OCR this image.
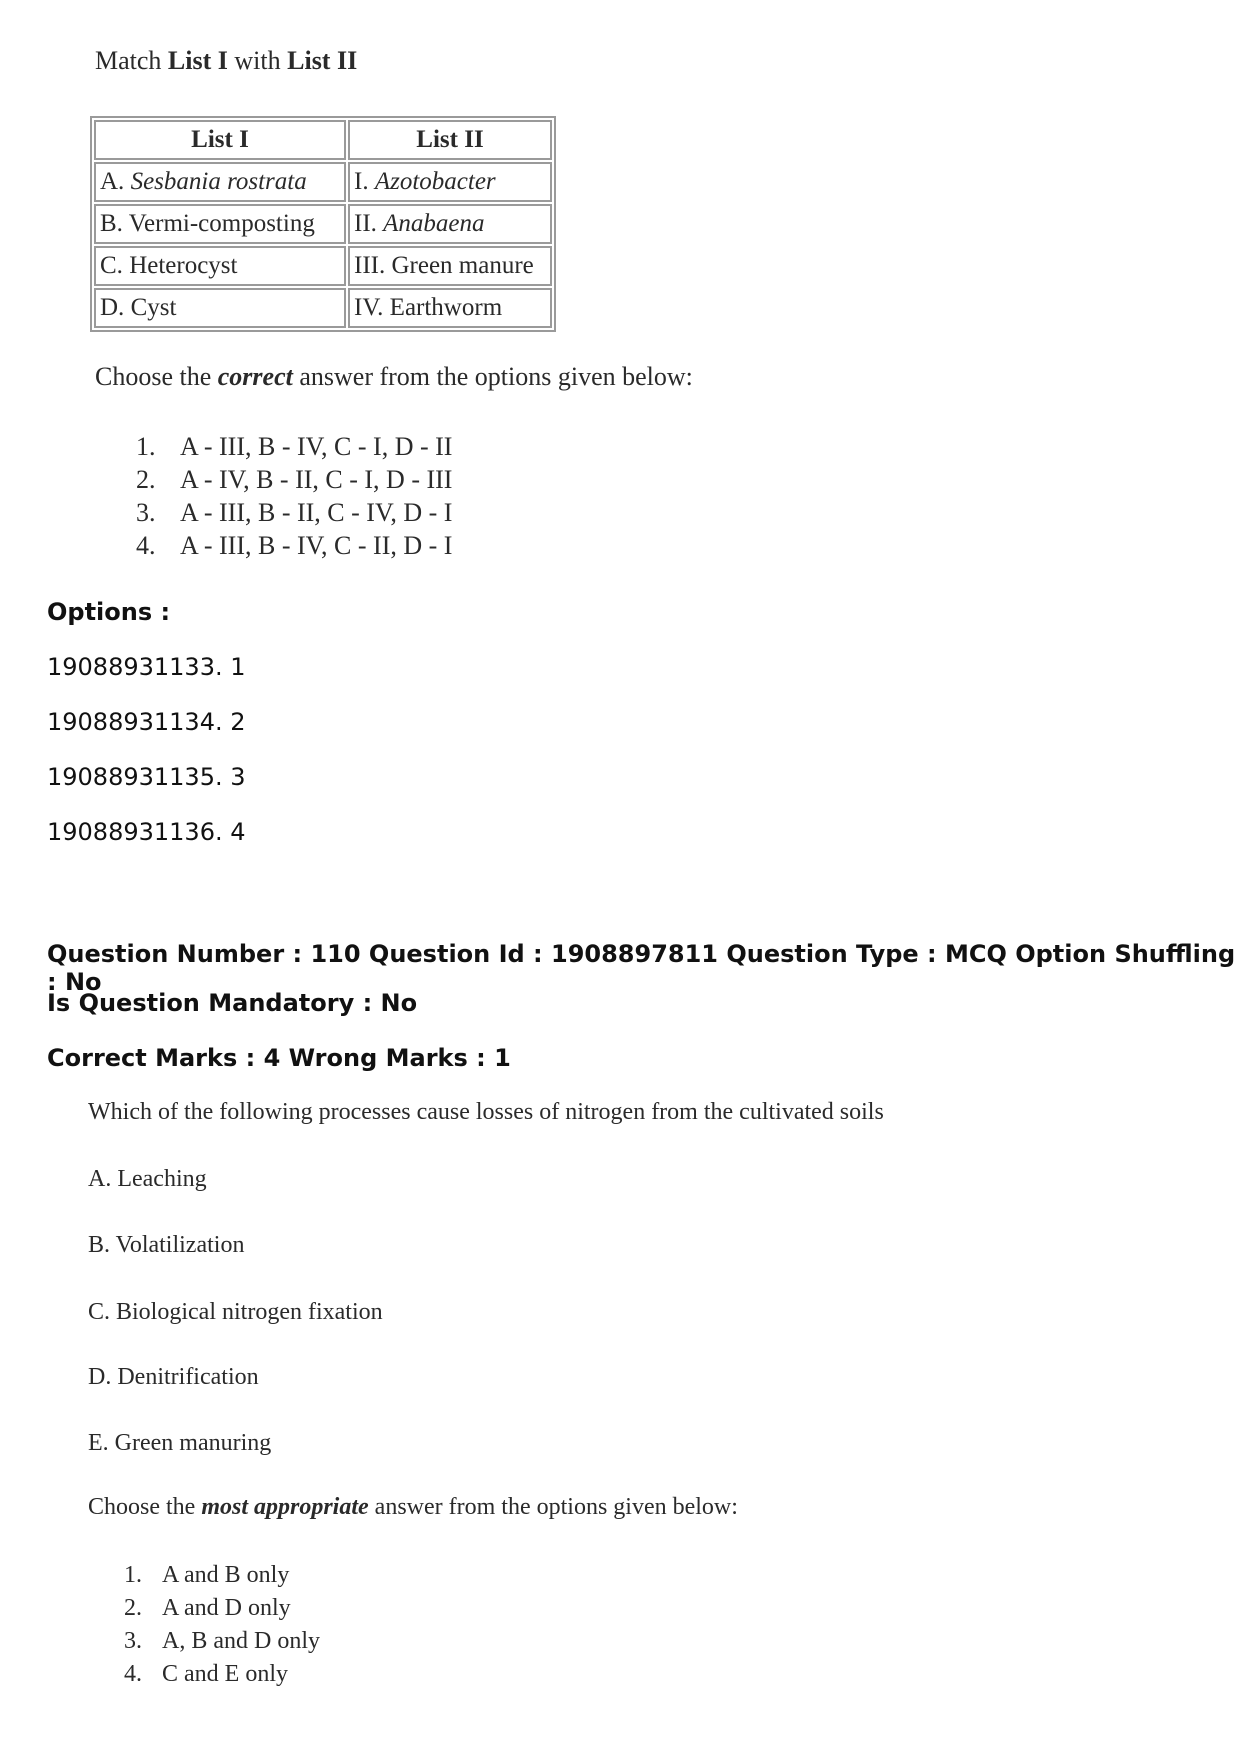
Match List I with List II
List I	List II
A. Sesbania rostrata	I. Azotobacter
B. Vermi-composting	II. Anabaena
C. Heterocyst	III. Green manure
D. Cyst	IV. Earthworm
Choose the correct answer from the options given below:
1. A - III, B - IV, C - I, D - II
2. A - IV, B - II, C - I, D - III
3. A - III, B - II, C - IV, D - I
4. A - III, B - IV, C - II, D - I
Options :
19088931133. 1
19088931134. 2
19088931135. 3
19088931136. 4
Question Number : 110 Question Id : 1908897811 Question Type : MCQ Option Shuffling : No
Is Question Mandatory : No
Correct Marks : 4 Wrong Marks : 1
Which of the following processes cause losses of nitrogen from the cultivated soils
A. Leaching
B. Volatilization
C. Biological nitrogen fixation
D. Denitrification
E. Green manuring
Choose the most appropriate answer from the options given below:
1. A and B only
2. A and D only
3. A, B and D only
4. C and E only
